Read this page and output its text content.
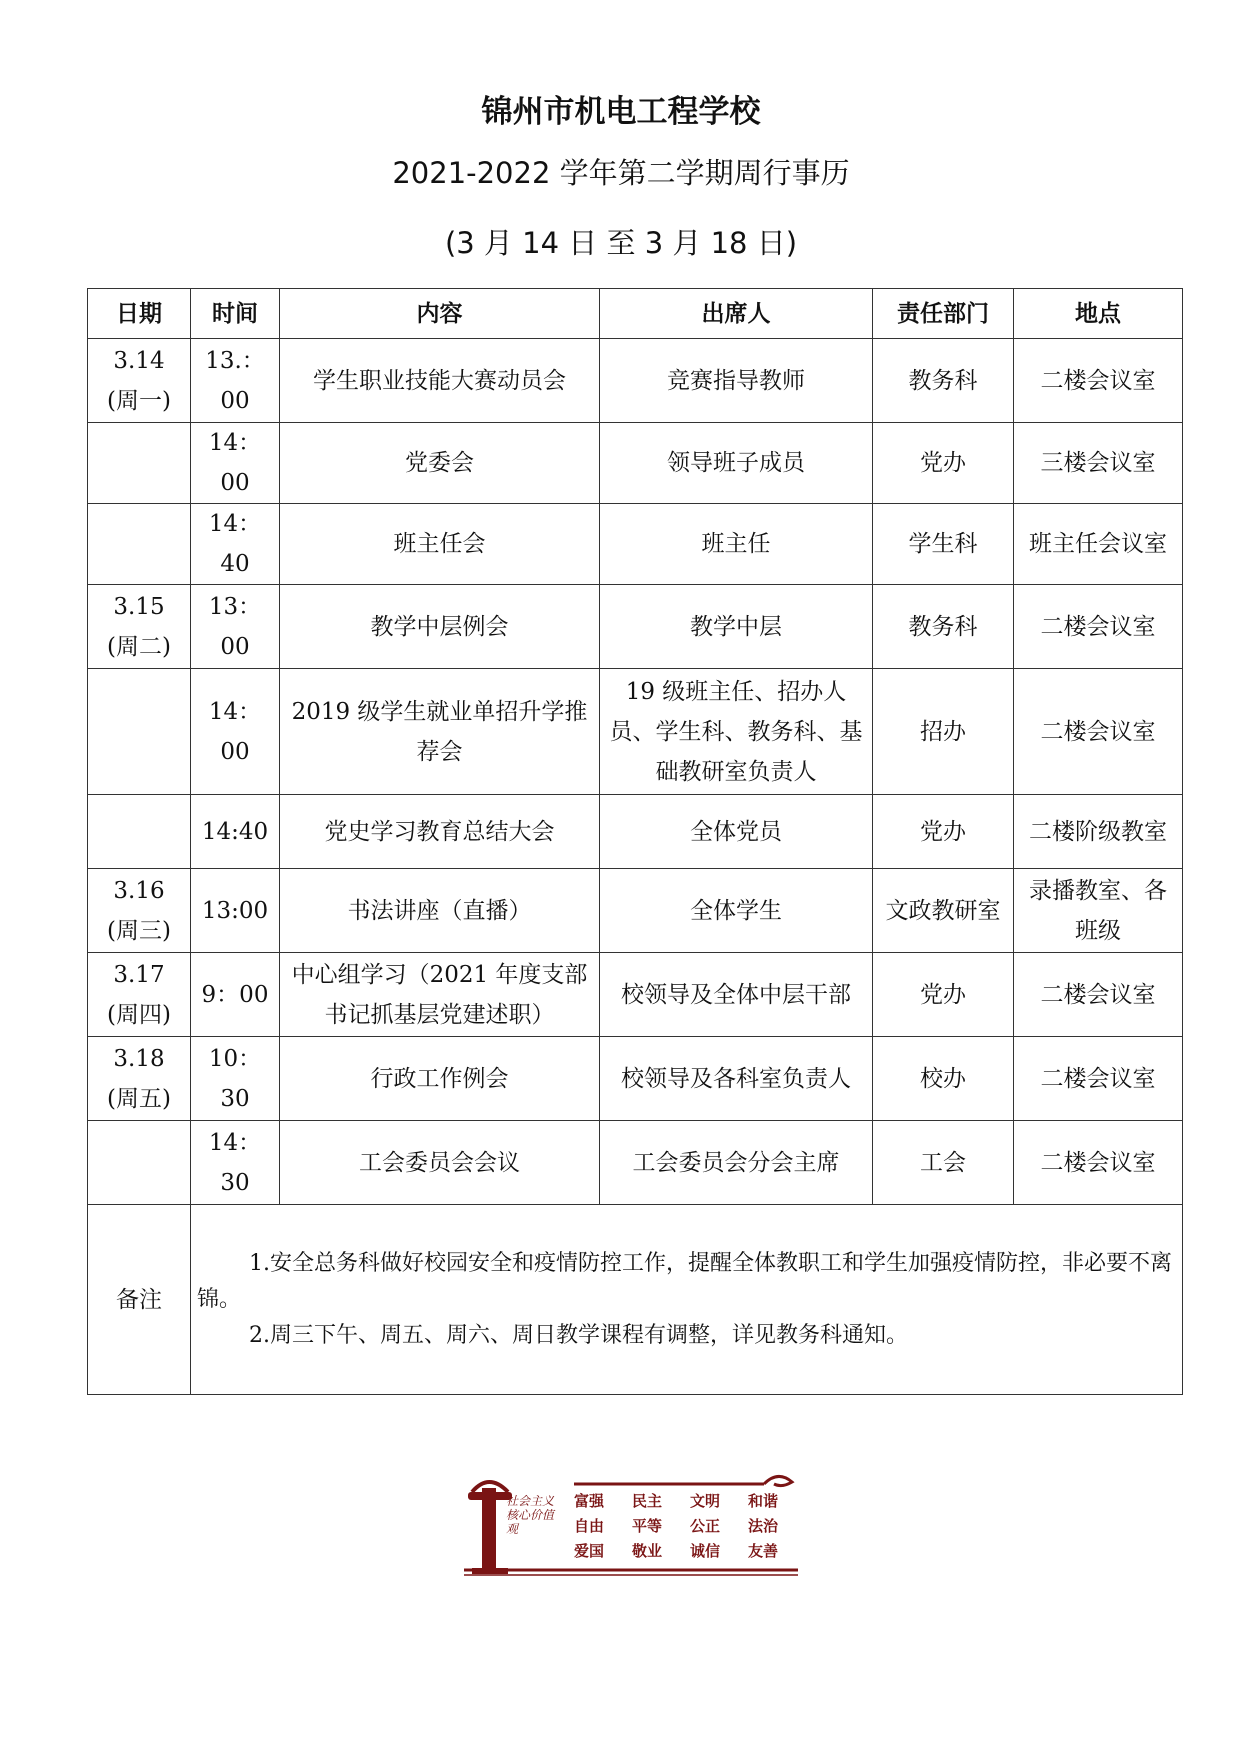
锦州市机电工程学校
2021-2022 学年第二学期周行事历
(3 月 14 日 至 3 月 18 日)
日期	时间	内容	出席人	责任部门	地点

3.14
(周一)	13.：00	学生职业技能大赛动员会	竞赛指导教师	教务科	二楼会议室

	14：00	党委会	领导班子成员	党办	三楼会议室

	14：40	班主任会	班主任	学生科	班主任会议室

3.15
(周二)	13：00	教学中层例会	教学中层	教务科	二楼会议室

	14：00	2019 级学生就业单招升学推荐会	19 级班主任、招办人员、学生科、教务科、基础教研室负责人	招办	二楼会议室

	14:40	党史学习教育总结大会	全体党员	党办	二楼阶级教室

3.16
(周三)	13:00	书法讲座（直播）	全体学生	文政教研室	录播教室、各班级

3.17
(周四)	9：00	中心组学习（2021 年度支部书记抓基层党建述职）	校领导及全体中层干部	党办	二楼会议室

3.18
(周五)	10：30	行政工作例会	校领导及各科室负责人	校办	二楼会议室

	14：30	工会委员会会议	工会委员会分会主席	工会	二楼会议室
备注	1.安全总务科做好校园安全和疫情防控工作，提醒全体教职工和学生加强疫情防控，非必要不离锦。

2.周三下午、周五、周六、周日教学课程有调整，详见教务科通知。				

社会主义核心价值观
富强	民主	文明	和谐
自由	平等	公正	法治
爱国	敬业	诚信	友善
